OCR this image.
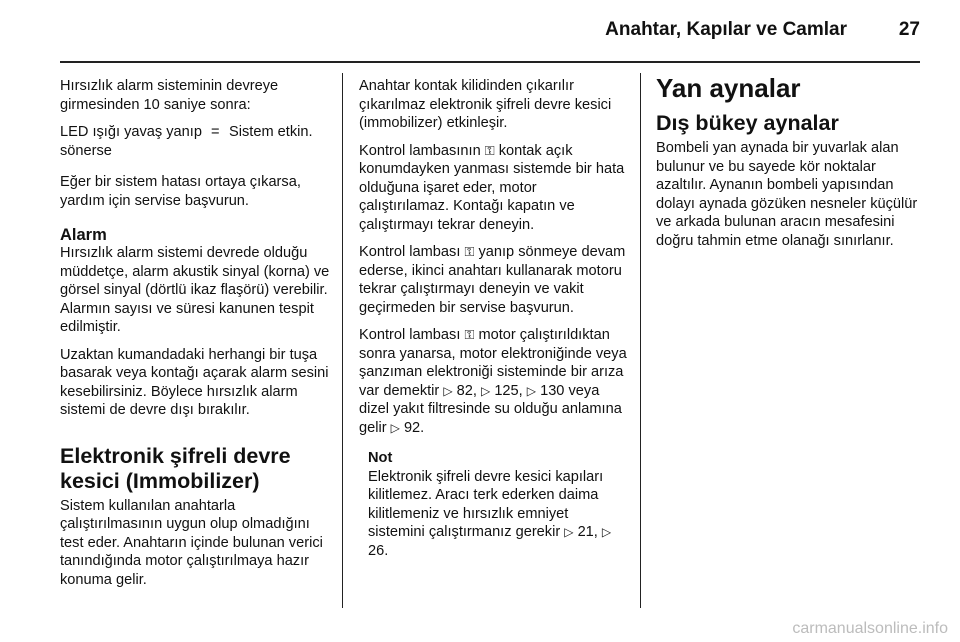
Anahtar, Kapılar ve Camlar	27

Hırsızlık alarm sisteminin devreye girmesinden 10 saniye sonra:

LED ışığı yavaş yanıp sönerse
= Sistem etkin.

Eğer bir sistem hatası ortaya çıkarsa, yardım için servise başvurun.

Alarm

Hırsızlık alarm sistemi devrede olduğu müddetçe, alarm akustik sinyal (korna) ve görsel sinyal (dörtlü ikaz flaşörü) verebilir. Alarmın sayısı ve süresi kanunen tespit edilmiştir.

Uzaktan kumandadaki herhangi bir tuşa basarak veya kontağı açarak alarm sesini kesebilirsiniz. Böylece hırsızlık alarm sistemi de devre dışı bırakılır.

Elektronik şifreli devre kesici (Immobilizer)

Sistem kullanılan anahtarla çalıştırılmasının uygun olup olmadığını test eder. Anahtarın içinde bulunan verici tanındığında motor çalıştırılmaya hazır konuma gelir.

Anahtar kontak kilidinden çıkarılır çıkarılmaz elektronik şifreli devre kesici (immobilizer) etkinleşir.

Kontrol lambasının ⚿ kontak açık konumdayken yanması sistemde bir hata olduğuna işaret eder, motor çalıştırılamaz. Kontağı kapatın ve çalıştırmayı tekrar deneyin.

Kontrol lambası ⚿ yanıp sönmeye devam ederse, ikinci anahtarı kullanarak motoru tekrar çalıştırmayı deneyin ve vakit geçirmeden bir servise başvurun.

Kontrol lambası ⚿ motor çalıştırıldıktan sonra yanarsa, motor elektroniğinde veya şanzıman elektroniği sisteminde bir arıza var demektir ▷ 82, ▷ 125, ▷ 130 veya dizel yakıt filtresinde su olduğu anlamına gelir ▷ 92.

Not
Elektronik şifreli devre kesici kapıları kilitlemez. Aracı terk ederken daima kilitlemeniz ve hırsızlık emniyet sistemini çalıştırmanız gerekir ▷ 21, ▷ 26.
Yan aynalar
Dış bükey aynalar

Bombeli yan aynada bir yuvarlak alan bulunur ve bu sayede kör noktalar azaltılır. Aynanın bombeli yapısından dolayı aynada gözüken nesneler küçülür ve arkada bulunan aracın mesafesini doğru tahmin etme olanağı sınırlanır.

carmanualsonline.info
